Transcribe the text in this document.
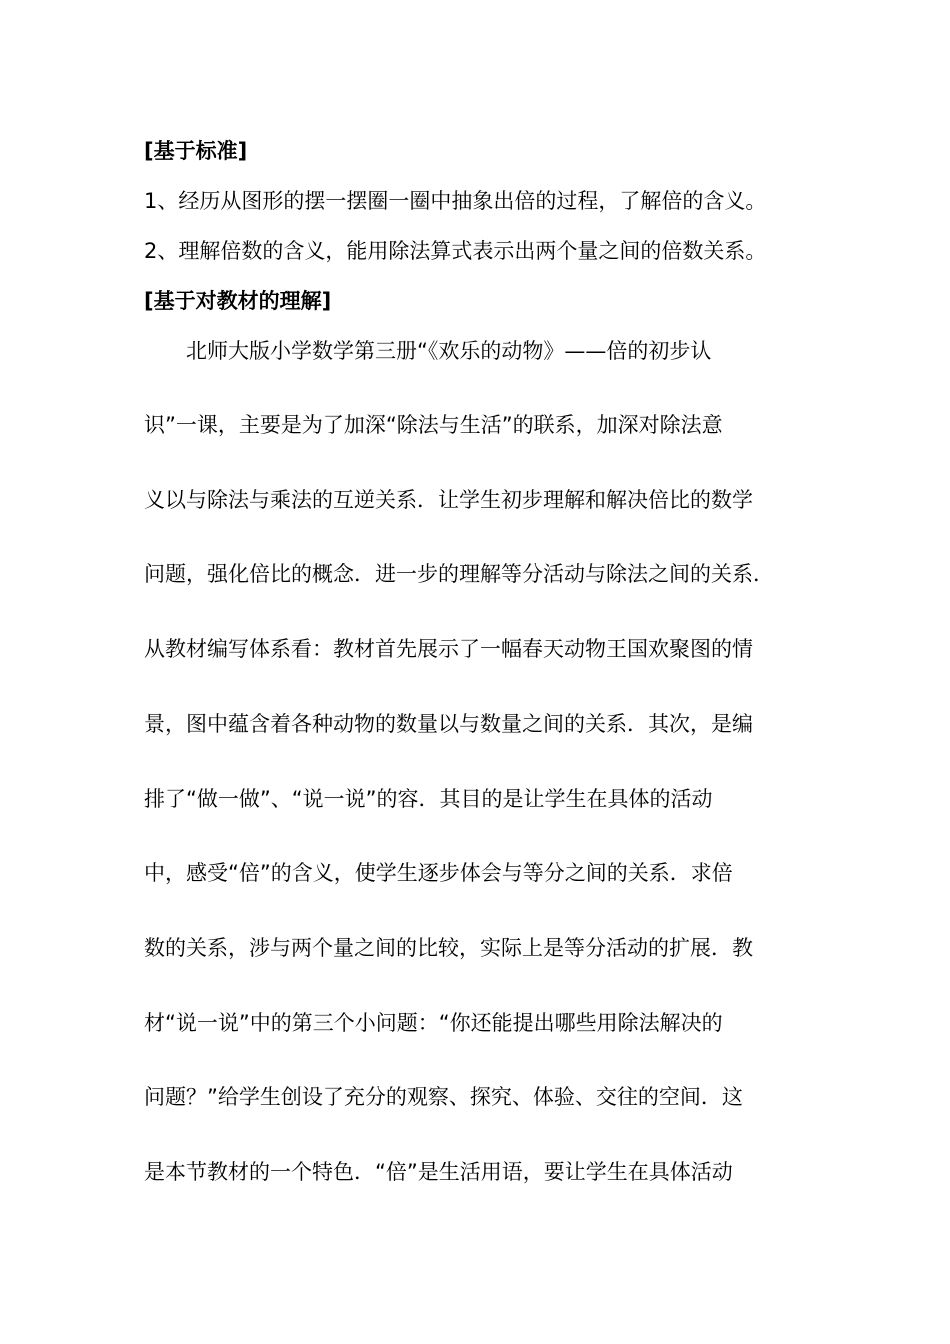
[基于标准]
1、经历从图形的摆一摆圈一圈中抽象出倍的过程，了解倍的含义。
2、理解倍数的含义，能用除法算式表示出两个量之间的倍数关系。
[基于对教材的理解]
　　北师大版小学数学第三册“《欢乐的动物》——倍的初步认
识”一课，主要是为了加深“除法与生活”的联系，加深对除法意
义以与除法与乘法的互逆关系．让学生初步理解和解决倍比的数学
问题，强化倍比的概念．进一步的理解等分活动与除法之间的关系．
从教材编写体系看：教材首先展示了一幅春天动物王国欢聚图的情
景，图中蕴含着各种动物的数量以与数量之间的关系．其次，是编
排了“做一做”、“说一说”的容．其目的是让学生在具体的活动
中，感受“倍”的含义，使学生逐步体会与等分之间的关系．求倍
数的关系，涉与两个量之间的比较，实际上是等分活动的扩展．教
材“说一说”中的第三个小问题：“你还能提出哪些用除法解决的
问题？”给学生创设了充分的观察、探究、体验、交往的空间．这
是本节教材的一个特色．“倍”是生活用语，要让学生在具体活动
